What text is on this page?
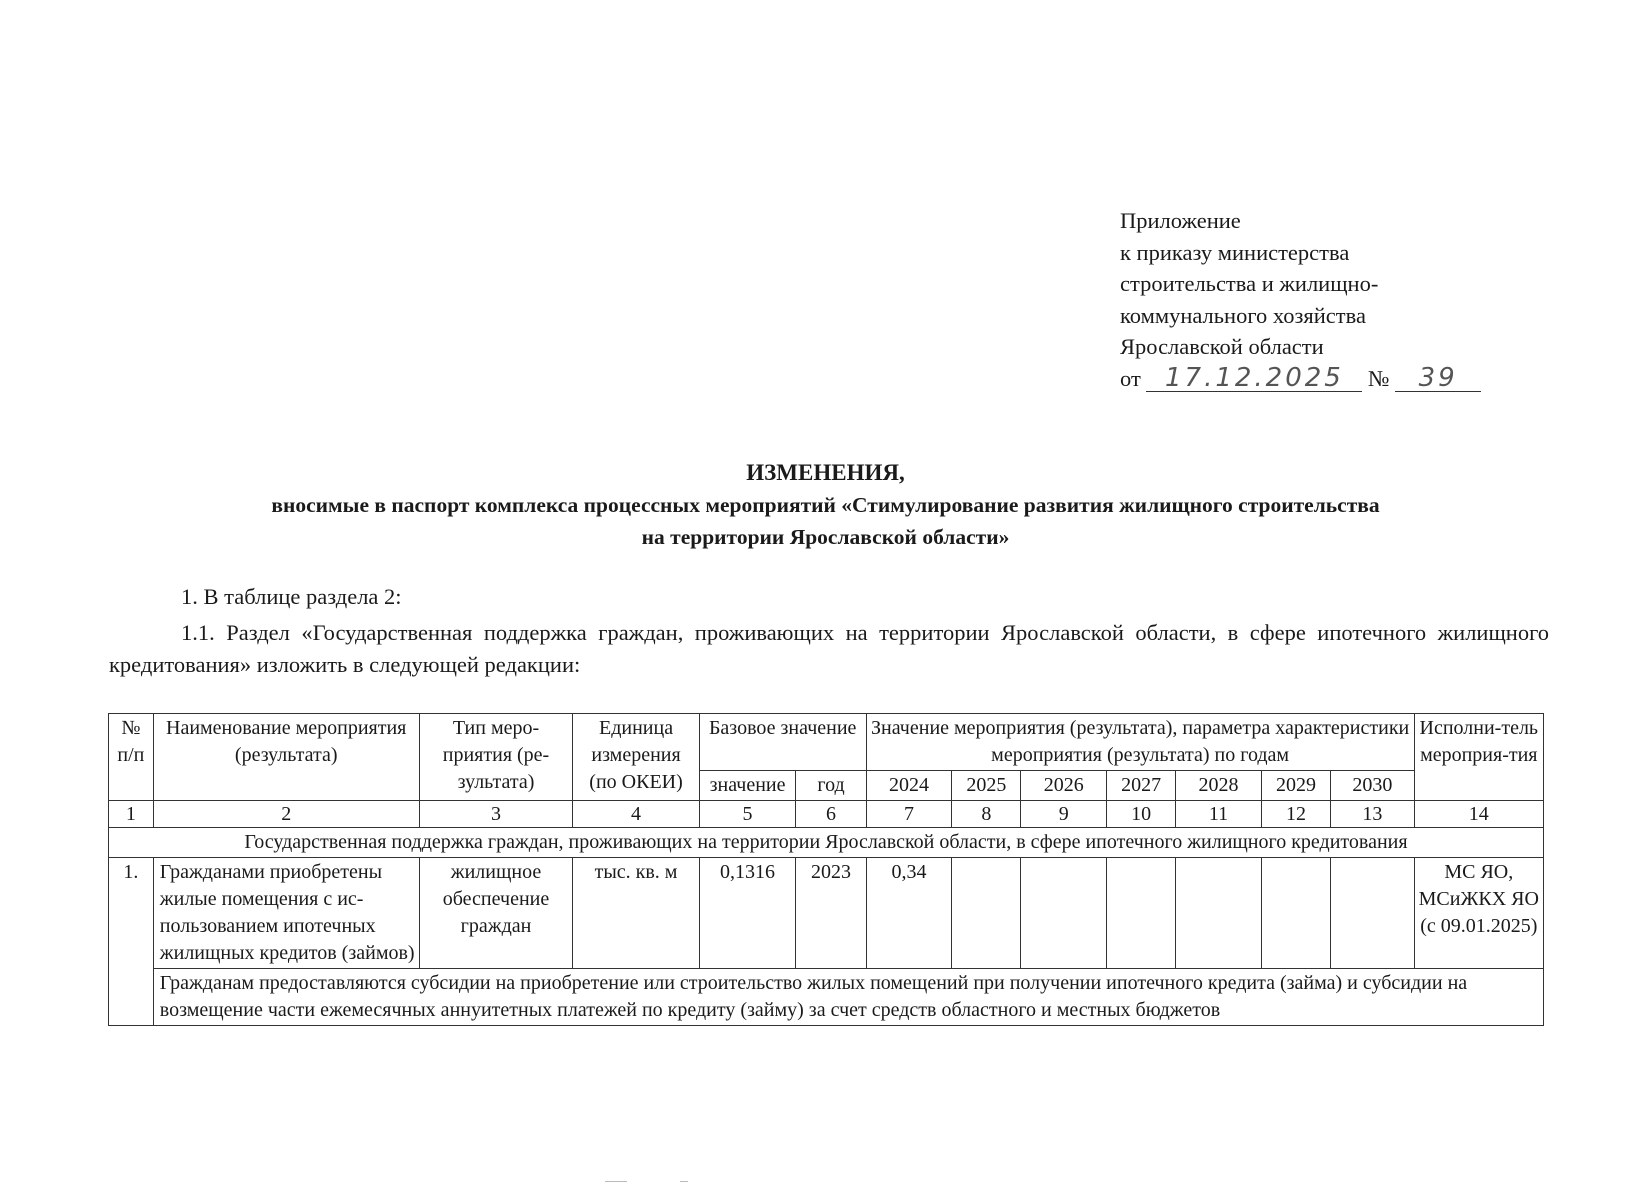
Приложение
к приказу министерства
строительства и жилищно-
коммунального хозяйства
Ярославской области
от 17.12.2025 № 39
ИЗМЕНЕНИЯ,
вносимые в паспорт комплекса процессных мероприятий «Стимулирование развития жилищного строительства
на территории Ярославской области»
1. В таблице раздела 2:
1.1. Раздел «Государственная поддержка граждан, проживающих на территории Ярославской области, в сфере ипотечного жилищного кредитования» изложить в следующей редакции:
№ п/п	Наименование мероприятия (результата)	Тип меро-приятия (ре-зультата)	Единица измерения (по ОКЕИ)	Базовое значение		Значение мероприятия (результата), параметра характеристики мероприятия (результата) по годам							Исполни-тель мероприя-тия
				значение	год	2024	2025	2026	2027	2028	2029	2030	
1	2	3	4	5	6	7	8	9	10	11	12	13	14
Государственная поддержка граждан, проживающих на территории Ярославской области, в сфере ипотечного жилищного кредитования													
1.	Гражданами приобретены жилые помещения с ис-пользованием ипотечных жилищных кредитов (займов)	жилищное обеспечение граждан	тыс. кв. м	0,1316	2023	0,34							МС ЯО, МСиЖКХ ЯО (с 09.01.2025)
	Гражданам предоставляются субсидии на приобретение или строительство жилых помещений при получении ипотечного кредита (займа) и субсидии на возмещение части ежемесячных аннуитетных платежей по кредиту (займу) за счет средств областного и местных бюджетов												
